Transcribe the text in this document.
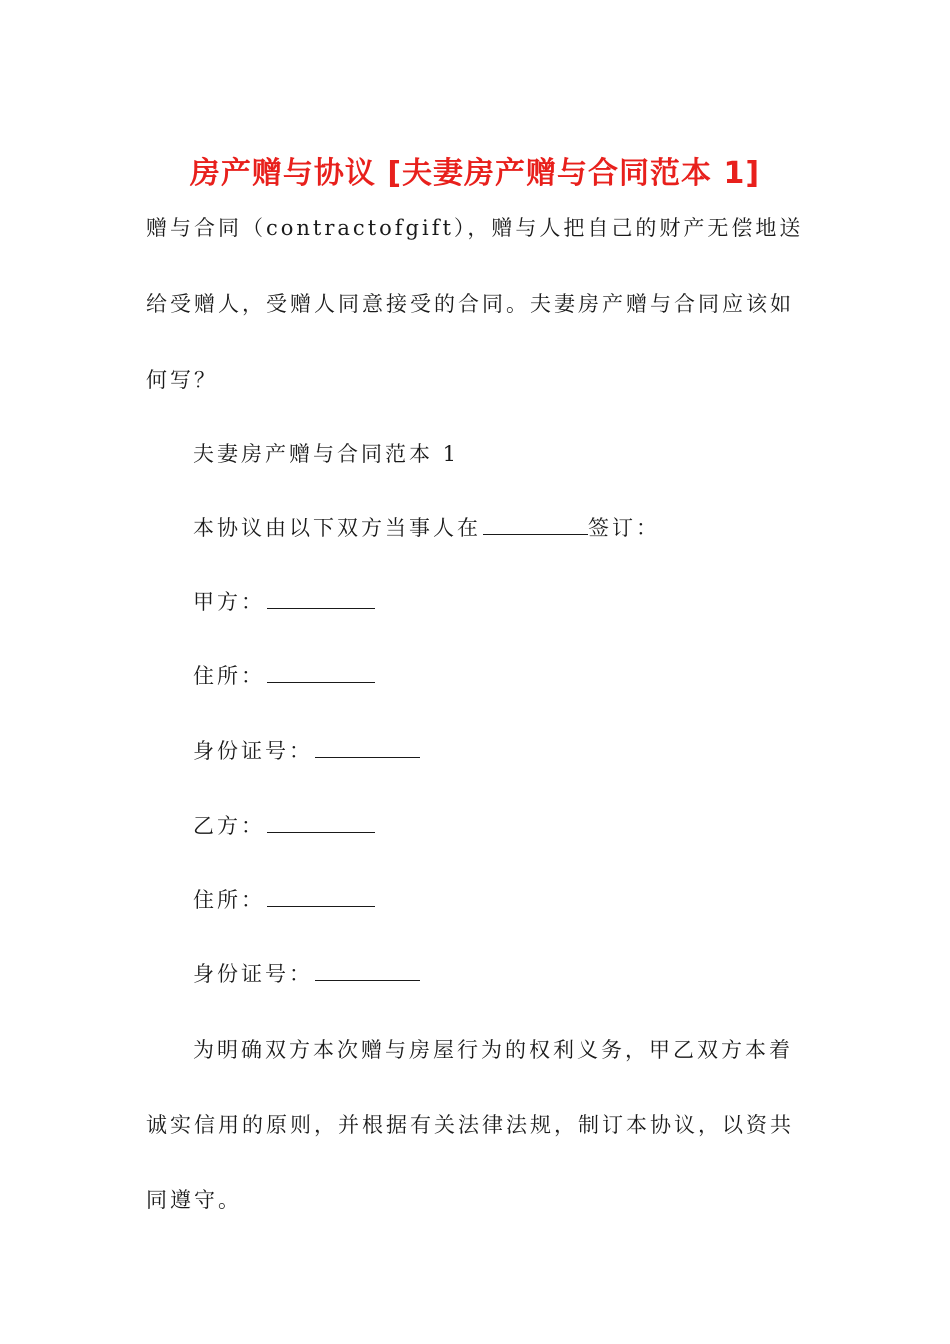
房产赠与协议 [夫妻房产赠与合同范本 1]
赠与合同（contractofgift），赠与人把自己的财产无偿地送
给受赠人，受赠人同意接受的合同。夫妻房产赠与合同应该如
何写？
夫妻房产赠与合同范本 1
本协议由以下双方当事人在	签订：
甲方：
住所：
身份证号：
乙方：
住所：
身份证号：
为明确双方本次赠与房屋行为的权利义务，甲乙双方本着
诚实信用的原则，并根据有关法律法规，制订本协议，以资共
同遵守。
